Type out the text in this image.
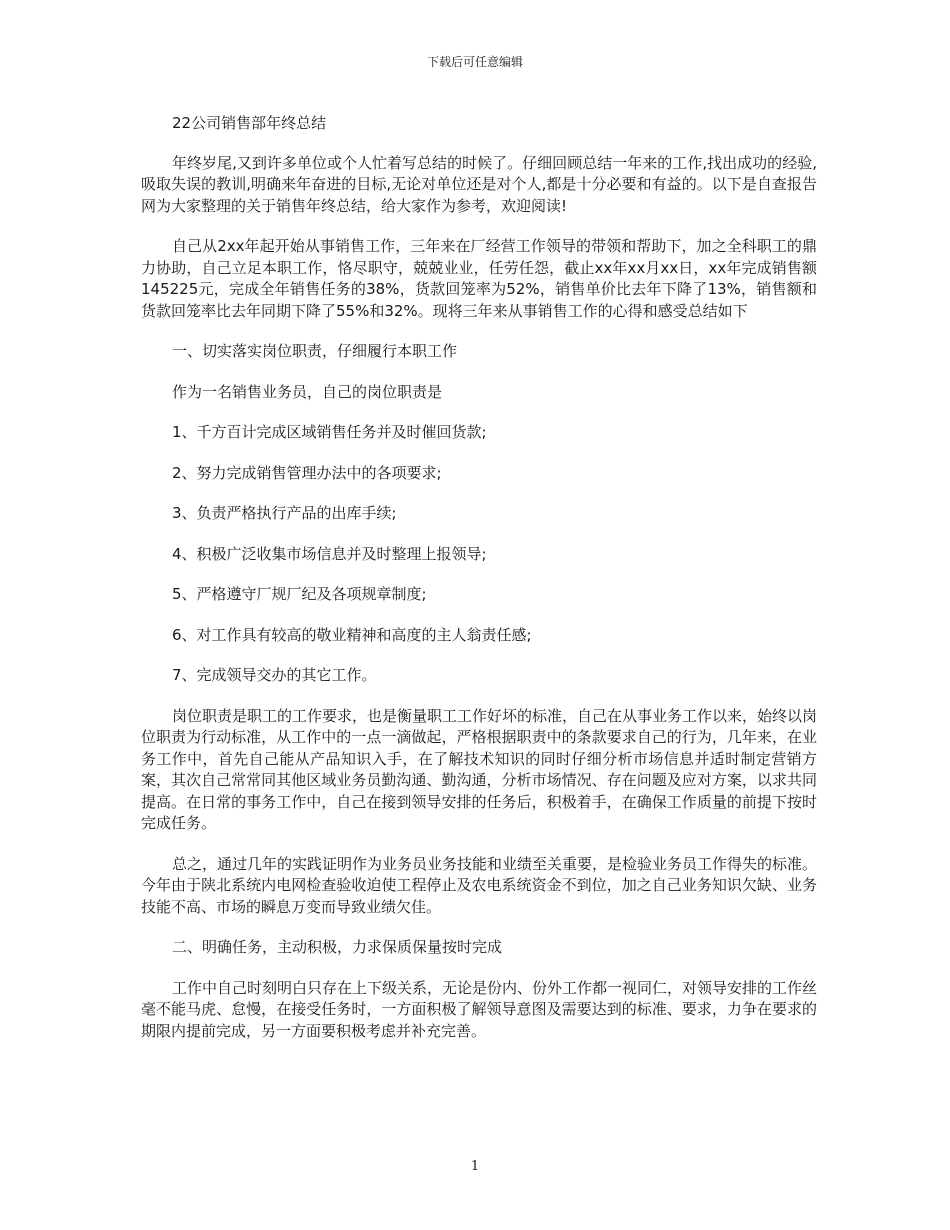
下载后可任意编辑

22公司销售部年终总结

年终岁尾,又到许多单位或个人忙着写总结的时候了。仔细回顾总结一年来的工作,找出成功的经验,吸取失误的教训,明确来年奋进的目标,无论对单位还是对个人,都是十分必要和有益的。以下是自查报告网为大家整理的关于销售年终总结，给大家作为参考，欢迎阅读!

自己从2xx年起开始从事销售工作，三年来在厂经营工作领导的带领和帮助下，加之全科职工的鼎力协助，自己立足本职工作，恪尽职守，兢兢业业，任劳任怨，截止xx年xx月xx日，xx年完成销售额145225元，完成全年销售任务的38%，货款回笼率为52%，销售单价比去年下降了13%，销售额和货款回笼率比去年同期下降了55%和32%。现将三年来从事销售工作的心得和感受总结如下

一、切实落实岗位职责，仔细履行本职工作

作为一名销售业务员，自己的岗位职责是

1、千方百计完成区域销售任务并及时催回货款;

2、努力完成销售管理办法中的各项要求;

3、负责严格执行产品的出库手续;

4、积极广泛收集市场信息并及时整理上报领导;

5、严格遵守厂规厂纪及各项规章制度;

6、对工作具有较高的敬业精神和高度的主人翁责任感;

7、完成领导交办的其它工作。

岗位职责是职工的工作要求，也是衡量职工工作好坏的标准，自己在从事业务工作以来，始终以岗位职责为行动标准，从工作中的一点一滴做起，严格根据职责中的条款要求自己的行为，几年来，在业务工作中，首先自己能从产品知识入手，在了解技术知识的同时仔细分析市场信息并适时制定营销方案，其次自己常常同其他区域业务员勤沟通、勤沟通，分析市场情况、存在问题及应对方案，以求共同提高。在日常的事务工作中，自己在接到领导安排的任务后，积极着手，在确保工作质量的前提下按时完成任务。

总之，通过几年的实践证明作为业务员业务技能和业绩至关重要，是检验业务员工作得失的标准。今年由于陕北系统内电网检查验收迫使工程停止及农电系统资金不到位，加之自己业务知识欠缺、业务技能不高、市场的瞬息万变而导致业绩欠佳。

二、明确任务，主动积极，力求保质保量按时完成

工作中自己时刻明白只存在上下级关系，无论是份内、份外工作都一视同仁，对领导安排的工作丝毫不能马虎、怠慢，在接受任务时，一方面积极了解领导意图及需要达到的标准、要求，力争在要求的期限内提前完成，另一方面要积极考虑并补充完善。

1
